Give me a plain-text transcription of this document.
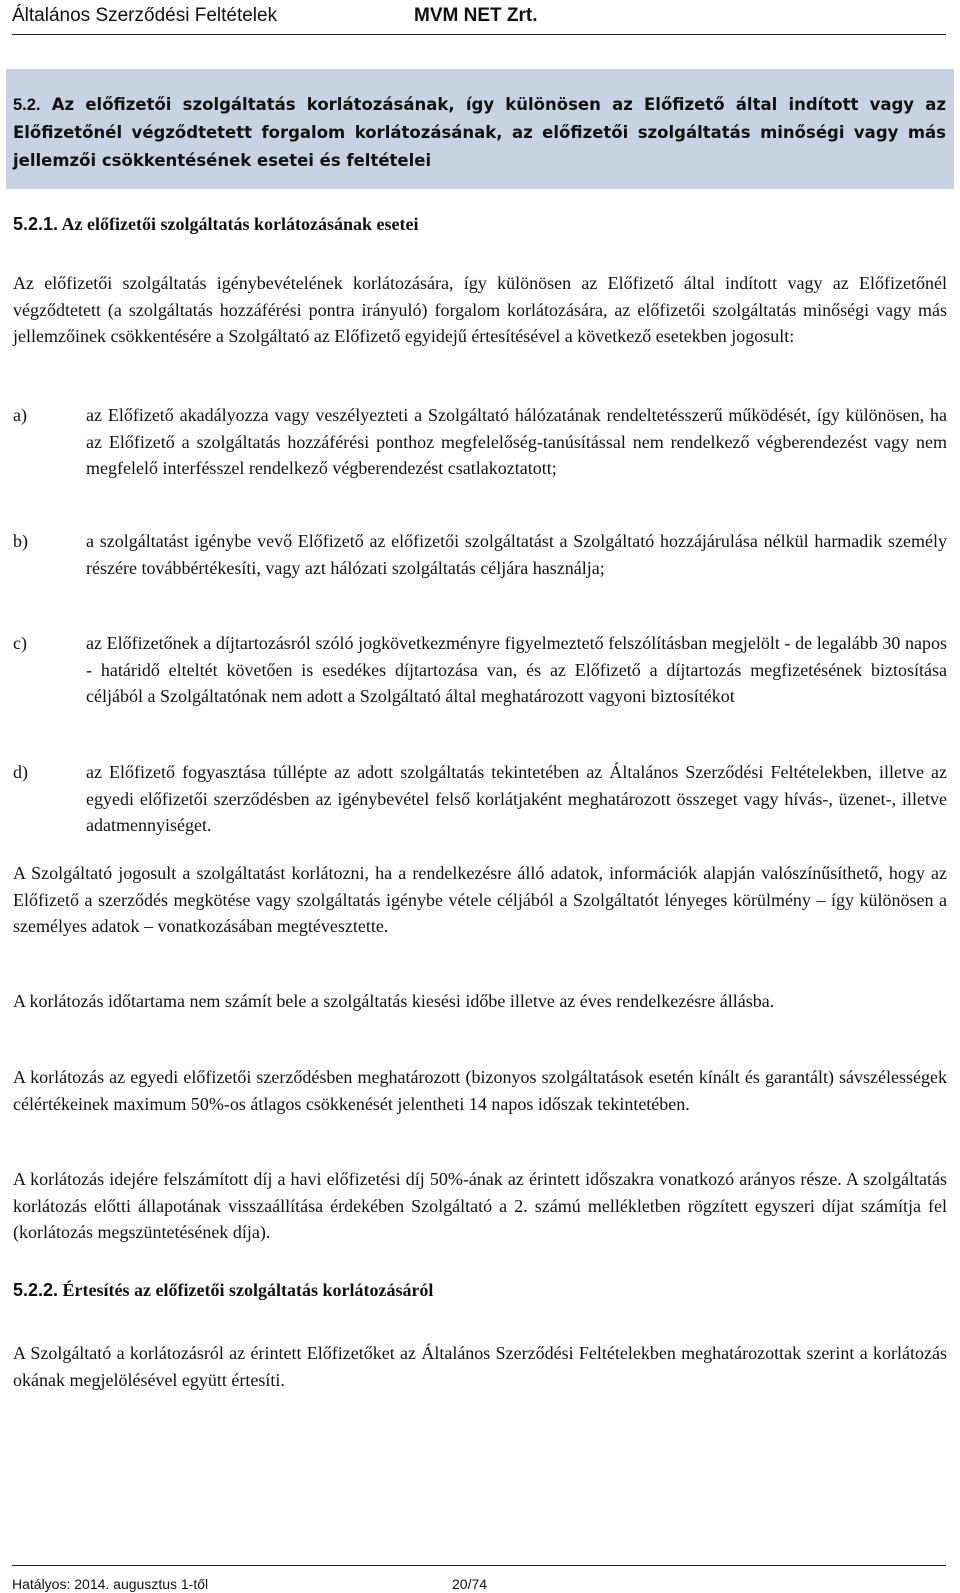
Általános Szerződési Feltételek	MVM NET Zrt.
5.2. Az előfizetői szolgáltatás korlátozásának, így különösen az Előfizető által indított vagy az Előfizetőnél végződtetett forgalom korlátozásának, az előfizetői szolgáltatás minőségi vagy más jellemzői csökkentésének esetei és feltételei
5.2.1. Az előfizetői szolgáltatás korlátozásának esetei
Az előfizetői szolgáltatás igénybevételének korlátozására, így különösen az Előfizető által indított vagy az Előfizetőnél végződtetett (a szolgáltatás hozzáférési pontra irányuló) forgalom korlátozására, az előfizetői szolgáltatás minőségi vagy más jellemzőinek csökkentésére a Szolgáltató az Előfizető egyidejű értesítésével a következő esetekben jogosult:
a)	az Előfizető akadályozza vagy veszélyezteti a Szolgáltató hálózatának rendeltetésszerű működését, így különösen, ha az Előfizető a szolgáltatás hozzáférési ponthoz megfelelőség-tanúsítással nem rendelkező végberendezést vagy nem megfelelő interfésszel rendelkező végberendezést csatlakoztatott;
b)	a szolgáltatást igénybe vevő Előfizető az előfizetői szolgáltatást a Szolgáltató hozzájárulása nélkül harmadik személy részére továbbértékesíti, vagy azt hálózati szolgáltatás céljára használja;
c)	az Előfizetőnek a díjtartozásról szóló jogkövetkezményre figyelmeztető felszólításban megjelölt - de legalább 30 napos - határidő elteltét követően is esedékes díjtartozása van, és az Előfizető a díjtartozás megfizetésének biztosítása céljából a Szolgáltatónak nem adott a Szolgáltató által meghatározott vagyoni biztosítékot
d)	az Előfizető fogyasztása túllépte az adott szolgáltatás tekintetében az Általános Szerződési Feltételekben, illetve az egyedi előfizetői szerződésben az igénybevétel felső korlátjaként meghatározott összeget vagy hívás-, üzenet-, illetve adatmennyiséget.
A Szolgáltató jogosult a szolgáltatást korlátozni, ha a rendelkezésre álló adatok, információk alapján valószínűsíthető, hogy az Előfizető a szerződés megkötése vagy szolgáltatás igénybe vétele céljából a Szolgáltatót lényeges körülmény – így különösen a személyes adatok – vonatkozásában megtévesztette.
A korlátozás időtartama nem számít bele a szolgáltatás kiesési időbe illetve az éves rendelkezésre állásba.
A korlátozás az egyedi előfizetői szerződésben meghatározott (bizonyos szolgáltatások esetén kínált és garantált) sávszélességek célértékeinek maximum 50%-os átlagos csökkenését jelentheti 14 napos időszak tekintetében.
A korlátozás idejére felszámított díj a havi előfizetési díj 50%-ának az érintett időszakra vonatkozó arányos része. A szolgáltatás korlátozás előtti állapotának visszaállítása érdekében Szolgáltató a 2. számú mellékletben rögzített egyszeri díjat számítja fel (korlátozás megszüntetésének díja).
5.2.2. Értesítés az előfizetői szolgáltatás korlátozásáról
A Szolgáltató a korlátozásról az érintett Előfizetőket az Általános Szerződési Feltételekben meghatározottak szerint a korlátozás okának megjelölésével együtt értesíti.
Hatályos: 2014. augusztus 1-től	20/74
